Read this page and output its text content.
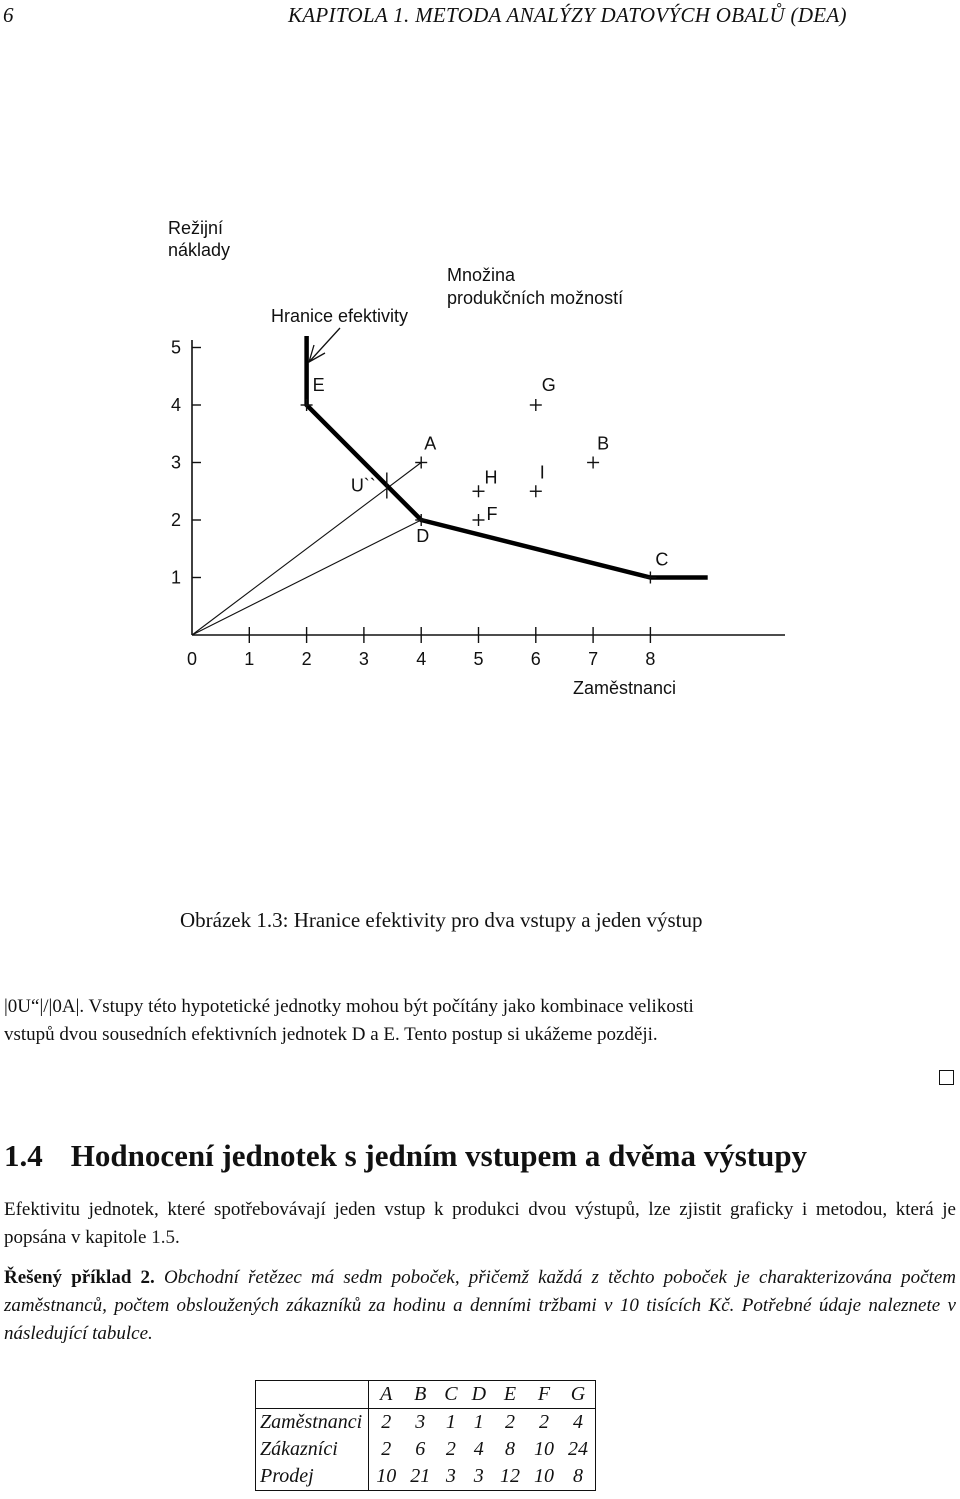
6	KAPITOLA 1. METODA ANALÝZY DATOVÝCH OBALŮ (DEA)
0	1	2	3	4	5	6	7	8
1
2
3
4
5
A	B
C
D
E
F
G
H I
U``
Režijní
náklady
Zaměstnanci
Hranice efektivity
Množina
produkčních možností
Obrázek 1.3: Hranice efektivity pro dva vstupy a jeden výstup
|0U“|/|0A|. Vstupy této hypotetické jednotky mohou být počítány jako kombinace velikosti
vstupů dvou sousedních efektivních jednotek D a E. Tento postup si ukážeme později.
1.4 Hodnocení jednotek s jedním vstupem a dvěma výstupy
Efektivitu jednotek, které spotřebovávají jeden vstup k produkci dvou výstupů, lze zjistit graficky i metodou, která je popsána v kapitole 1.5.
Řešený příklad 2. Obchodní řetězec má sedm poboček, přičemž každá z těchto poboček je charakterizována počtem zaměstnanců, počtem obsloužených zákazníků za hodinu a denními tržbami v 10 tisících Kč. Potřebné údaje naleznete v následující tabulce.
	A	B	C	D	E	F	G
Zaměstnanci	2	3	1	1	2	2	4
Zákazníci	2	6	2	4	8	10	24
Prodej	10	21	3	3	12	10	8
